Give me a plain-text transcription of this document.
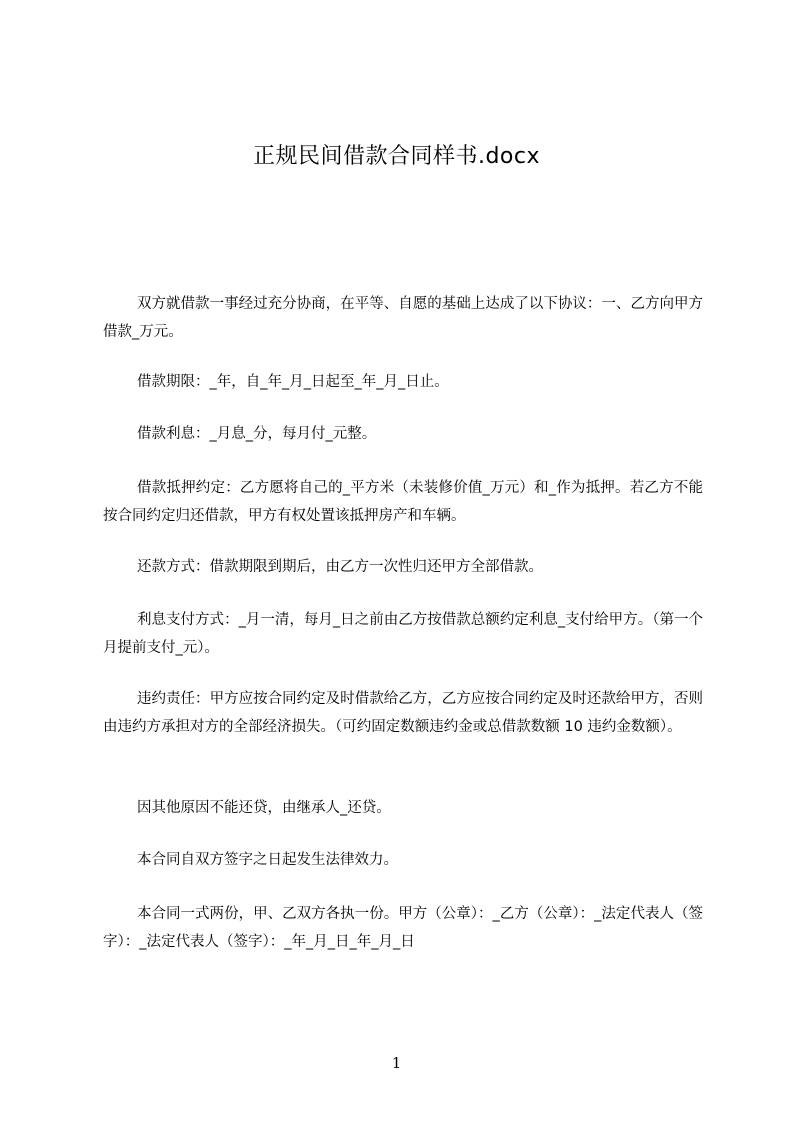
正规民间借款合同样书.docx
双方就借款一事经过充分协商，在平等、自愿的基础上达成了以下协议：一、乙方向甲方借款_万元。
借款期限：_年，自_年_月_日起至_年_月_日止。
借款利息：_月息_分，每月付_元整。
借款抵押约定：乙方愿将自己的_平方米（未装修价值_万元）和_作为抵押。若乙方不能按合同约定归还借款，甲方有权处置该抵押房产和车辆。
还款方式：借款期限到期后，由乙方一次性归还甲方全部借款。
利息支付方式：_月一清，每月_日之前由乙方按借款总额约定利息_支付给甲方。（第一个月提前支付_元）。
违约责任：甲方应按合同约定及时借款给乙方，乙方应按合同约定及时还款给甲方，否则由违约方承担对方的全部经济损失。（可约固定数额违约金或总借款数额 10 违约金数额）。
因其他原因不能还贷，由继承人_还贷。
本合同自双方签字之日起发生法律效力。
本合同一式两份，甲、乙双方各执一份。甲方（公章）：_乙方（公章）：_法定代表人（签字）：_法定代表人（签字）：_年_月_日_年_月_日
1
